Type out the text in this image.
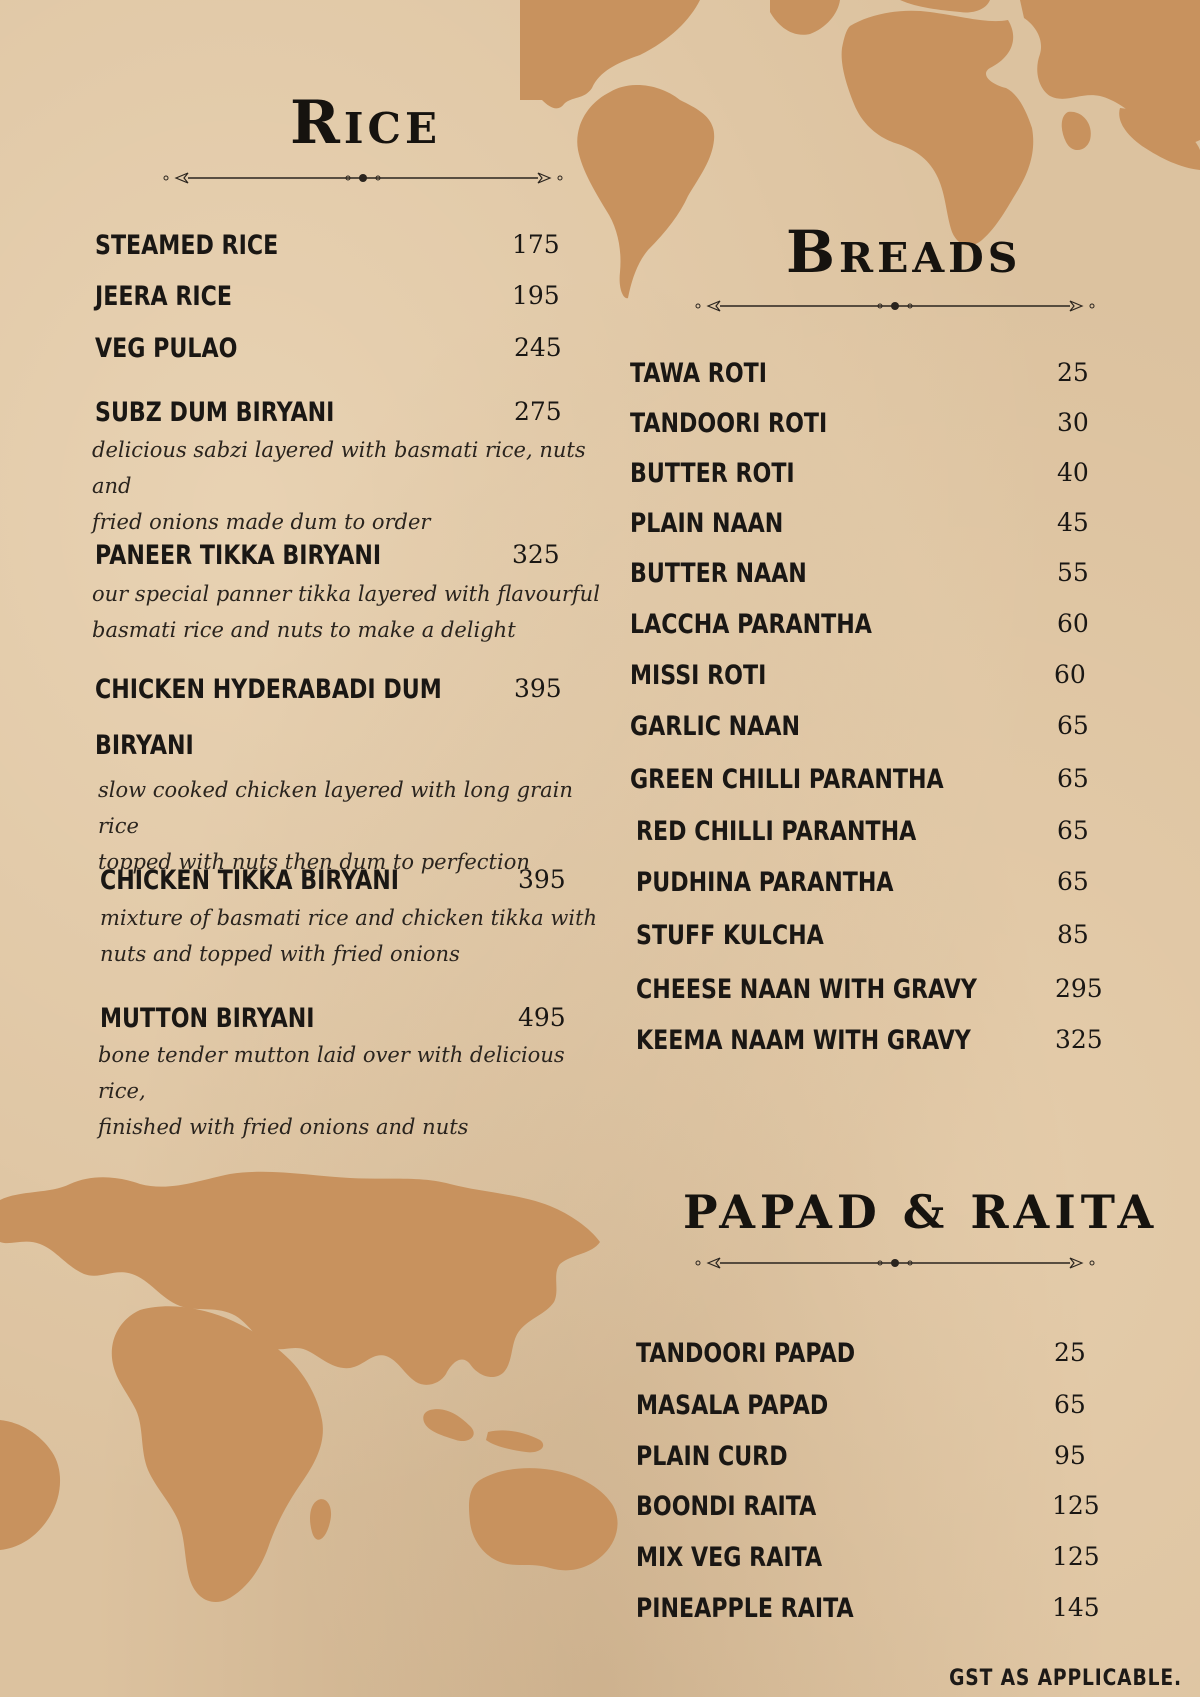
Rice

STEAMED RICE	175

JEERA RICE	195

VEG PULAO	245

SUBZ DUM BIRYANI	275

delicious sabzi layered with basmati rice, nuts and
fried onions made dum to order

PANEER TIKKA BIRYANI	325

our special panner tikka layered with flavourful
basmati rice and nuts to make a delight

CHICKEN HYDERABADI DUM	395

BIRYANI

slow cooked chicken layered with long grain rice
topped with nuts then dum to perfection

CHICKEN TIKKA BIRYANI	395

mixture of basmati rice and chicken tikka with
nuts and topped with fried onions

MUTTON BIRYANI	495

bone tender mutton laid over with delicious rice,
finished with fried onions and nuts

Breads

TAWA ROTI	25

TANDOORI ROTI	30

BUTTER ROTI	40

PLAIN NAAN	45

BUTTER NAAN	55

LACCHA PARANTHA	60

MISSI ROTI	60

GARLIC NAAN	65

GREEN CHILLI PARANTHA	65

RED CHILLI PARANTHA	65

PUDHINA PARANTHA	65

STUFF KULCHA	85

CHEESE NAAN WITH GRAVY	295

KEEMA NAAM WITH GRAVY	325

PAPAD & RAITA

TANDOORI PAPAD	25

MASALA PAPAD	65

PLAIN CURD	95

BOONDI RAITA	125

MIX VEG RAITA	125

PINEAPPLE RAITA	145

GST AS APPLICABLE.
